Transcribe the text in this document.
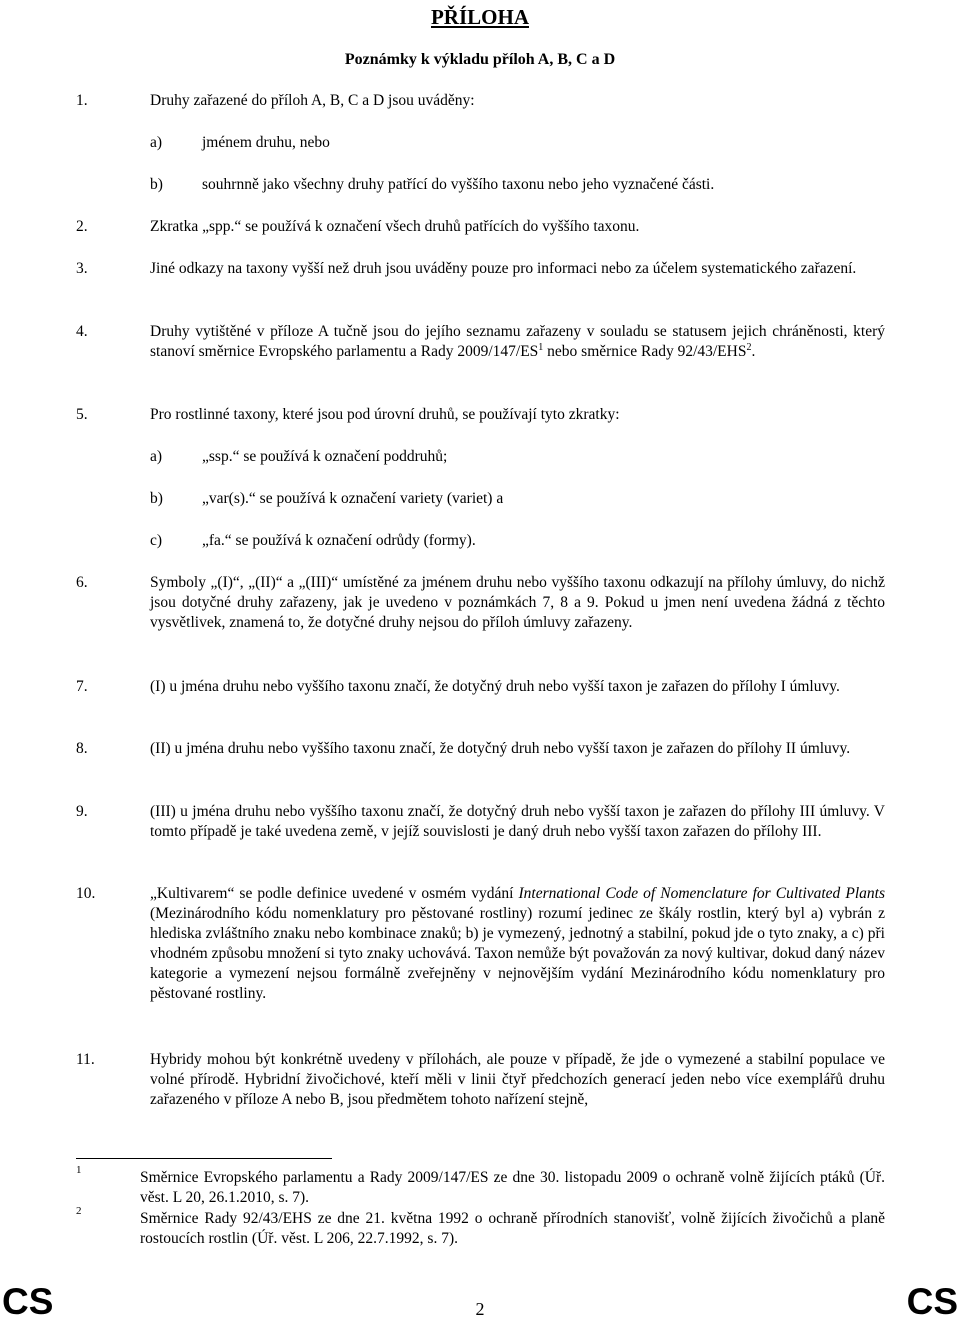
PŘÍLOHA
Poznámky k výkladu příloh A, B, C a D
1.	Druhy zařazené do příloh A, B, C a D jsou uváděny:
a)	jménem druhu, nebo
b)	souhrnně jako všechny druhy patřící do vyššího taxonu nebo jeho vyznačené části.
2.	Zkratka „spp.“ se používá k označení všech druhů patřících do vyššího taxonu.
3.	Jiné odkazy na taxony vyšší než druh jsou uváděny pouze pro informaci nebo za účelem systematického zařazení.
4.	Druhy vytištěné v příloze A tučně jsou do jejího seznamu zařazeny v souladu se statusem jejich chráněnosti, který stanoví směrnice Evropského parlamentu a Rady $2009/147/ES^1$ nebo směrnice Rady 92/43/EHS$^2$.
5.	Pro rostlinné taxony, které jsou pod úrovní druhů, se používají tyto zkratky:
a)	„ssp.“ se používá k označení poddruhů;
b)	„var(s).“ se používá k označení variety (variet) a
c)	„fa.“ se používá k označení odrůdy (formy).
6.	Symboly „(I)“, „(II)“ a „(III)“ umístěné za jménem druhu nebo vyššího taxonu odkazují na přílohy úmluvy, do nichž jsou dotyčné druhy zařazeny, jak je uvedeno v poznámkách 7, 8 a 9. Pokud u jmen není uvedena žádná z těchto vysvětlivek, znamená to, že dotyčné druhy nejsou do příloh úmluvy zařazeny.
7.	(I) u jména druhu nebo vyššího taxonu značí, že dotyčný druh nebo vyšší taxon je zařazen do přílohy I úmluvy.
8.	(II) u jména druhu nebo vyššího taxonu značí, že dotyčný druh nebo vyšší taxon je zařazen do přílohy II úmluvy.
9.	(III) u jména druhu nebo vyššího taxonu značí, že dotyčný druh nebo vyšší taxon je zařazen do přílohy III úmluvy. V tomto případě je také uvedena země, v jejíž souvislosti je daný druh nebo vyšší taxon zařazen do přílohy III.
10.	„Kultivarem“ se podle definice uvedené v osmém vydání International Code of Nomenclature for Cultivated Plants (Mezinárodního kódu nomenklatury pro pěstované rostliny) rozumí jedinec ze škály rostlin, který byl a) vybrán z hlediska zvláštního znaku nebo kombinace znaků; b) je vymezený, jednotný a stabilní, pokud jde o tyto znaky, a c) při vhodném způsobu množení si tyto znaky uchovává. Taxon nemůže být považován za nový kultivar, dokud daný název kategorie a vymezení nejsou formálně zveřejněny v nejnovějším vydání Mezinárodního kódu nomenklatury pro pěstované rostliny.
11.	Hybridy mohou být konkrétně uvedeny v přílohách, ale pouze v případě, že jde o vymezené a stabilní populace ve volné přírodě. Hybridní živočichové, kteří měli v linii čtyř předchozích generací jeden nebo více exemplářů druhu zařazeného v příloze A nebo B, jsou předmětem tohoto nařízení stejně,
1	Směrnice Evropského parlamentu a Rady 2009/147/ES ze dne 30. listopadu 2009 o ochraně volně žijících ptáků (Úř. věst. L 20, 26.1.2010, s. 7).
2	Směrnice Rady 92/43/EHS ze dne 21. května 1992 o ochraně přírodních stanovišť, volně žijících živočichů a planě rostoucích rostlin (Úř. věst. L 206, 22.7.1992, s. 7).
CS	2	CS
